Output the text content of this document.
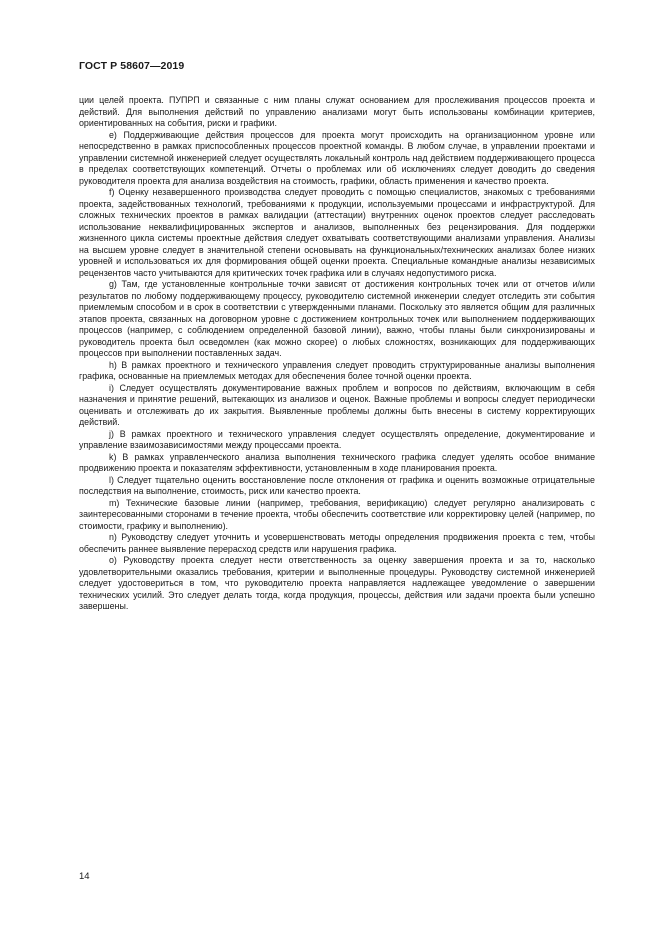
ГОСТ Р 58607—2019

ции целей проекта. ПУПРП и связанные с ним планы служат основанием для прослеживания процессов проекта и действий. Для выполнения действий по управлению анализами могут быть использованы комбинации критериев, ориентированных на события, риски и графики.

e) Поддерживающие действия процессов для проекта могут происходить на организационном уровне или непосредственно в рамках приспособленных процессов проектной команды. В любом случае, в управлении проектами и управлении системной инженерией следует осуществлять локальный контроль над действием поддерживающего процесса в пределах соответствующих компетенций. Отчеты о проблемах или об исключениях следует доводить до сведения руководителя проекта для анализа воздействия на стоимость, графики, область применения и качество проекта.

f) Оценку незавершенного производства следует проводить с помощью специалистов, знакомых с требованиями проекта, задействованных технологий, требованиями к продукции, используемыми процессами и инфраструктурой. Для сложных технических проектов в рамках валидации (аттестации) внутренних оценок проектов следует расследовать использование неквалифицированных экспертов и анализов, выполненных без рецензирования. Для поддержки жизненного цикла системы проектные действия следует охватывать соответствующими анализами управления. Анализы на высшем уровне следует в значительной степени основывать на функциональных/технических анализах более низких уровней и использоваться их для формирования общей оценки проекта. Специальные командные анализы независимых рецензентов часто учитываются для критических точек графика или в случаях недопустимого риска.

g) Там, где установленные контрольные точки зависят от достижения контрольных точек или от отчетов и/или результатов по любому поддерживающему процессу, руководителю системной инженерии следует отследить эти события приемлемым способом и в срок в соответствии с утвержденными планами. Поскольку это является общим для различных этапов проекта, связанных на договорном уровне с достижением контрольных точек или выполнением поддерживающих процессов (например, с соблюдением определенной базовой линии), важно, чтобы планы были синхронизированы и руководитель проекта был осведомлен (как можно скорее) о любых сложностях, возникающих для поддерживающих процессов при выполнении поставленных задач.

h) В рамках проектного и технического управления следует проводить структурированные анализы выполнения графика, основанные на приемлемых методах для обеспечения более точной оценки проекта.

i) Следует осуществлять документирование важных проблем и вопросов по действиям, включающим в себя назначения и принятие решений, вытекающих из анализов и оценок. Важные проблемы и вопросы следует периодически оценивать и отслеживать до их закрытия. Выявленные проблемы должны быть внесены в систему корректирующих действий.

j) В рамках проектного и технического управления следует осуществлять определение, документирование и управление взаимозависимостями между процессами проекта.

k) В рамках управленческого анализа выполнения технического графика следует уделять особое внимание продвижению проекта и показателям эффективности, установленным в ходе планирования проекта.

l) Следует тщательно оценить восстановление после отклонения от графика и оценить возможные отрицательные последствия на выполнение, стоимость, риск или качество проекта.

m) Технические базовые линии (например, требования, верификацию) следует регулярно анализировать с заинтересованными сторонами в течение проекта, чтобы обеспечить соответствие или корректировку целей (например, по стоимости, графику и выполнению).

n) Руководству следует уточнить и усовершенствовать методы определения продвижения проекта с тем, чтобы обеспечить раннее выявление перерасход средств или нарушения графика.

o) Руководству проекта следует нести ответственность за оценку завершения проекта и за то, насколько удовлетворительными оказались требования, критерии и выполненные процедуры. Руководству системной инженерией следует удостовериться в том, что руководителю проекта направляется надлежащее уведомление о завершении технических усилий. Это следует делать тогда, когда продукция, процессы, действия или задачи проекта были успешно завершены.

14
